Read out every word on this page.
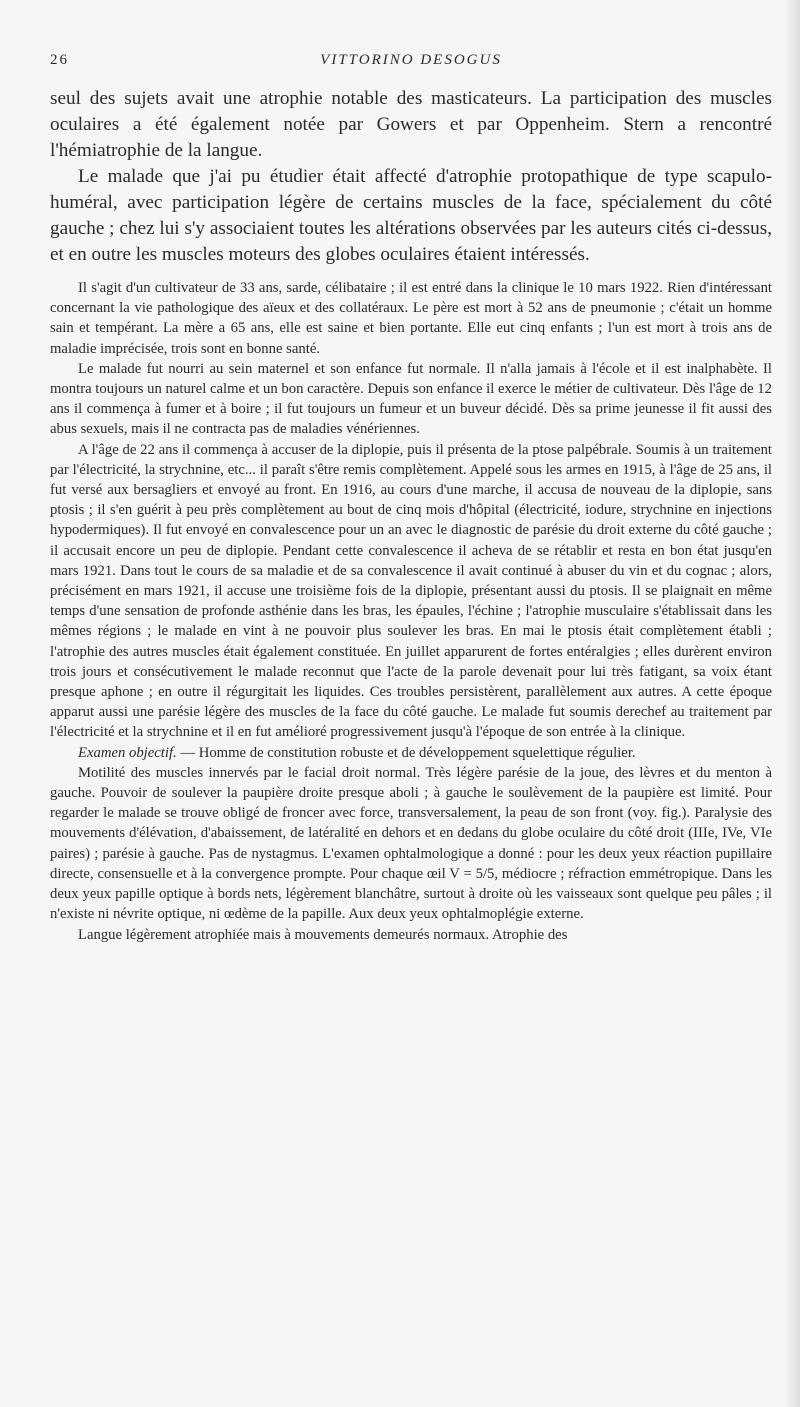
26	VITTORINO DESOGUS

seul des sujets avait une atrophie notable des masticateurs. La participation des muscles oculaires a été également notée par Gowers et par Oppenheim. Stern a rencontré l'hémiatrophie de la langue.

Le malade que j'ai pu étudier était affecté d'atrophie protopathique de type scapulo-huméral, avec participation légère de certains muscles de la face, spécialement du côté gauche ; chez lui s'y associaient toutes les altérations observées par les auteurs cités ci-dessus, et en outre les muscles moteurs des globes oculaires étaient intéressés.

Il s'agit d'un cultivateur de 33 ans, sarde, célibataire ; il est entré dans la clinique le 10 mars 1922. Rien d'intéressant concernant la vie pathologique des aïeux et des collatéraux. Le père est mort à 52 ans de pneumonie ; c'était un homme sain et tempérant. La mère a 65 ans, elle est saine et bien portante. Elle eut cinq enfants ; l'un est mort à trois ans de maladie imprécisée, trois sont en bonne santé.

Le malade fut nourri au sein maternel et son enfance fut normale. Il n'alla jamais à l'école et il est inalphabète. Il montra toujours un naturel calme et un bon caractère. Depuis son enfance il exerce le métier de cultivateur. Dès l'âge de 12 ans il commença à fumer et à boire ; il fut toujours un fumeur et un buveur décidé. Dès sa prime jeunesse il fit aussi des abus sexuels, mais il ne contracta pas de maladies vénériennes.

A l'âge de 22 ans il commença à accuser de la diplopie, puis il présenta de la ptose palpébrale. Soumis à un traitement par l'électricité, la strychnine, etc... il paraît s'être remis complètement. Appelé sous les armes en 1915, à l'âge de 25 ans, il fut versé aux bersagliers et envoyé au front. En 1916, au cours d'une marche, il accusa de nouveau de la diplopie, sans ptosis ; il s'en guérit à peu près complètement au bout de cinq mois d'hôpital (électricité, iodure, strychnine en injections hypodermiques). Il fut envoyé en convalescence pour un an avec le diagnostic de parésie du droit externe du côté gauche ; il accusait encore un peu de diplopie. Pendant cette convalescence il acheva de se rétablir et resta en bon état jusqu'en mars 1921. Dans tout le cours de sa maladie et de sa convalescence il avait continué à abuser du vin et du cognac ; alors, précisément en mars 1921, il accuse une troisième fois de la diplopie, présentant aussi du ptosis. Il se plaignait en même temps d'une sensation de profonde asthénie dans les bras, les épaules, l'échine ; l'atrophie musculaire s'établissait dans les mêmes régions ; le malade en vint à ne pouvoir plus soulever les bras. En mai le ptosis était complètement établi ; l'atrophie des autres muscles était également constituée. En juillet apparurent de fortes entéralgies ; elles durèrent environ trois jours et consécutivement le malade reconnut que l'acte de la parole devenait pour lui très fatigant, sa voix étant presque aphone ; en outre il régurgitait les liquides. Ces troubles persistèrent, parallèlement aux autres. A cette époque apparut aussi une parésie légère des muscles de la face du côté gauche. Le malade fut soumis derechef au traitement par l'électricité et la strychnine et il en fut amélioré progressivement jusqu'à l'époque de son entrée à la clinique.

Examen objectif. — Homme de constitution robuste et de développement squelettique régulier.

Motilité des muscles innervés par le facial droit normal. Très légère parésie de la joue, des lèvres et du menton à gauche. Pouvoir de soulever la paupière droite presque aboli ; à gauche le soulèvement de la paupière est limité. Pour regarder le malade se trouve obligé de froncer avec force, transversalement, la peau de son front (voy. fig.). Paralysie des mouvements d'élévation, d'abaissement, de latéralité en dehors et en dedans du globe oculaire du côté droit (IIIe, IVe, VIe paires) ; parésie à gauche. Pas de nystagmus. L'examen ophtalmologique a donné : pour les deux yeux réaction pupillaire directe, consensuelle et à la convergence prompte. Pour chaque œil V = 5/5, médiocre ; réfraction emmétropique. Dans les deux yeux papille optique à bords nets, légèrement blanchâtre, surtout à droite où les vaisseaux sont quelque peu pâles ; il n'existe ni névrite optique, ni œdème de la papille. Aux deux yeux ophtalmoplégie externe.

Langue légèrement atrophiée mais à mouvements demeurés normaux. Atrophie des
